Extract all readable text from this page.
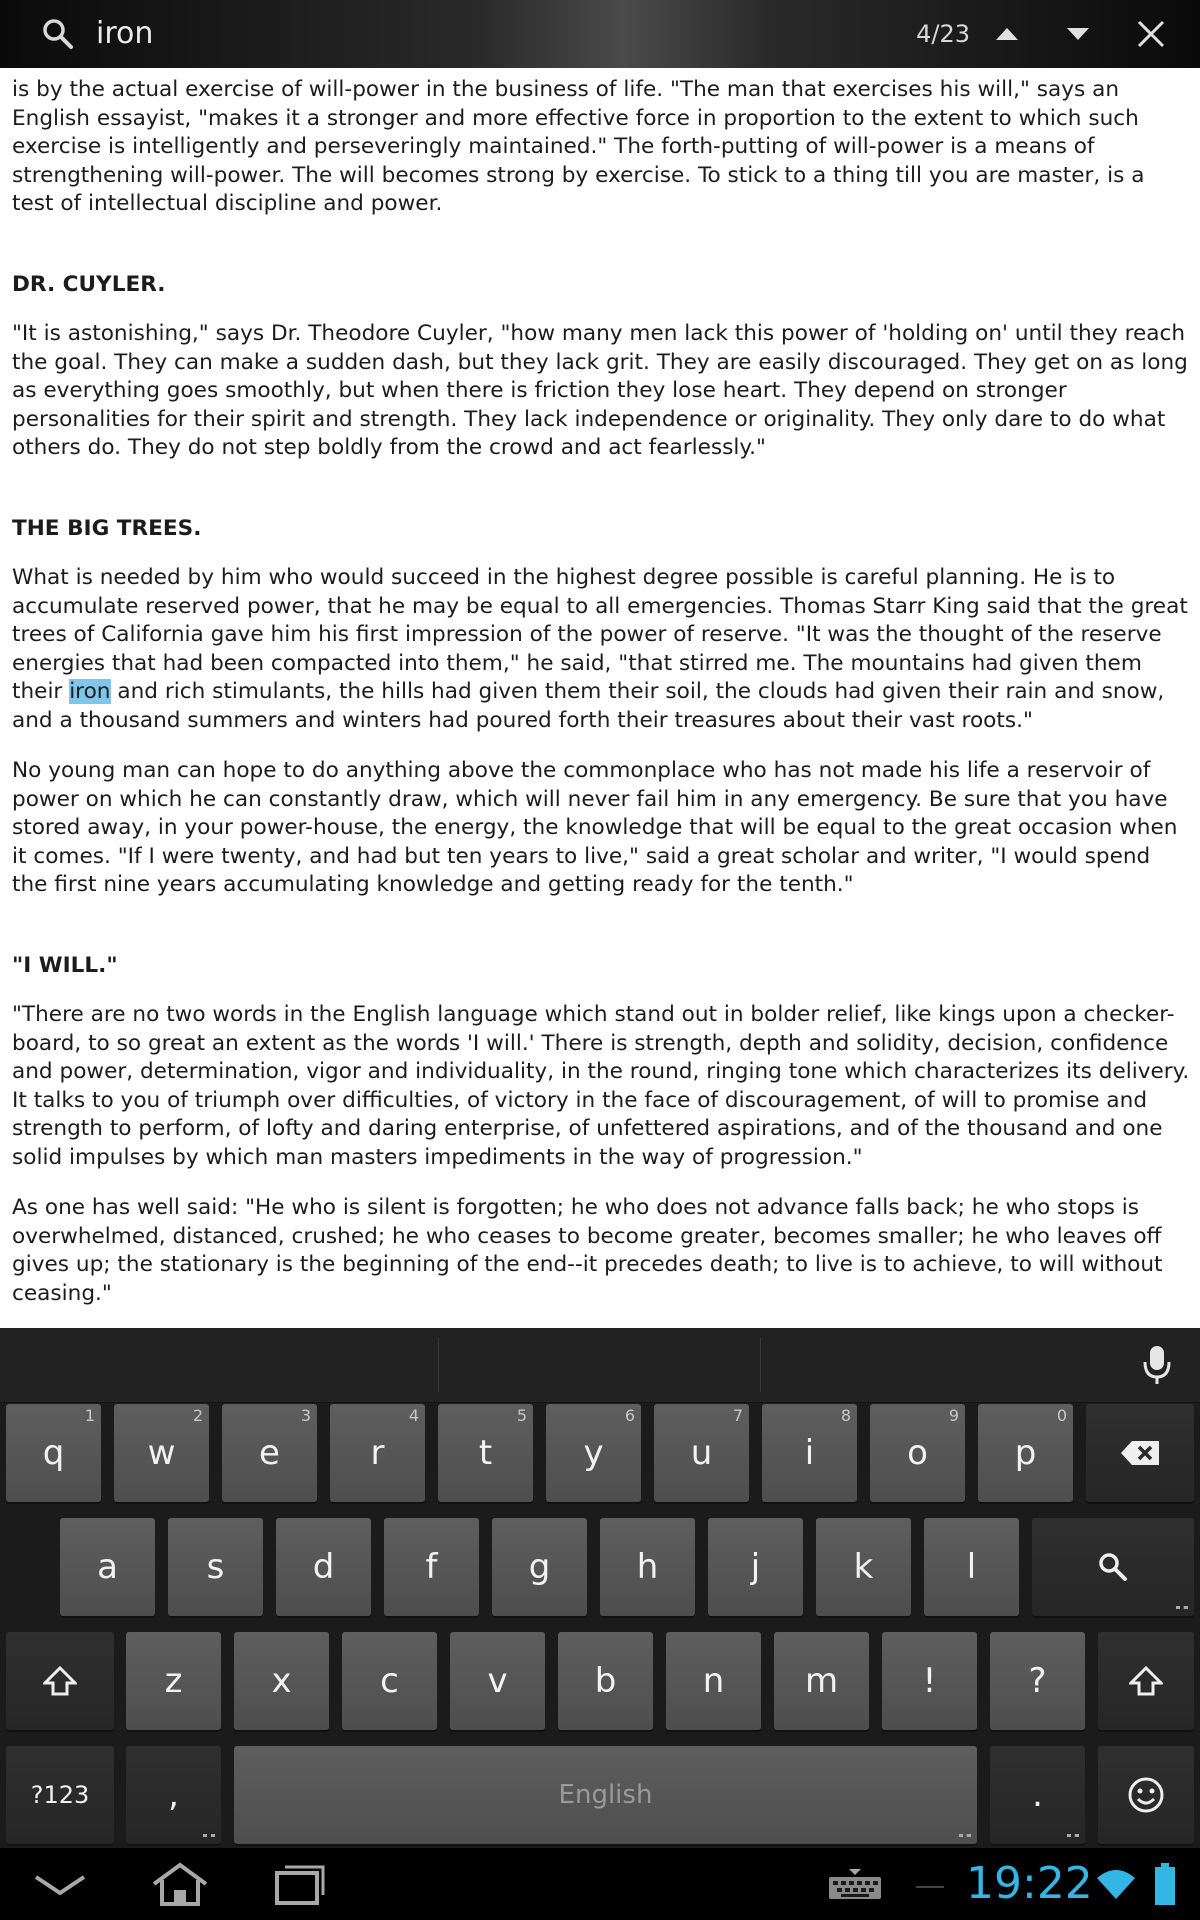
iron	4/23

is by the actual exercise of will-power in the business of life. "The man that exercises his will," says an English essayist, "makes it a stronger and more effective force in proportion to the extent to which such exercise is intelligently and perseveringly maintained." The forth-putting of will-power is a means of strengthening will-power. The will becomes strong by exercise. To stick to a thing till you are master, is a test of intellectual discipline and power.

DR. CUYLER.

"It is astonishing," says Dr. Theodore Cuyler, "how many men lack this power of 'holding on' until they reach the goal. They can make a sudden dash, but they lack grit. They are easily discouraged. They get on as long as everything goes smoothly, but when there is friction they lose heart. They depend on stronger personalities for their spirit and strength. They lack independence or originality. They only dare to do what others do. They do not step boldly from the crowd and act fearlessly."

THE BIG TREES.

What is needed by him who would succeed in the highest degree possible is careful planning. He is to accumulate reserved power, that he may be equal to all emergencies. Thomas Starr King said that the great trees of California gave him his first impression of the power of reserve. "It was the thought of the reserve energies that had been compacted into them," he said, "that stirred me. The mountains had given them their iron and rich stimulants, the hills had given them their soil, the clouds had given their rain and snow, and a thousand summers and winters had poured forth their treasures about their vast roots."

No young man can hope to do anything above the commonplace who has not made his life a reservoir of power on which he can constantly draw, which will never fail him in any emergency. Be sure that you have stored away, in your power-house, the energy, the knowledge that will be equal to the great occasion when it comes. "If I were twenty, and had but ten years to live," said a great scholar and writer, "I would spend the first nine years accumulating knowledge and getting ready for the tenth."

"I WILL."

"There are no two words in the English language which stand out in bolder relief, like kings upon a checker-board, to so great an extent as the words 'I will.' There is strength, depth and solidity, decision, confidence and power, determination, vigor and individuality, in the round, ringing tone which characterizes its delivery. It talks to you of triumph over difficulties, of victory in the face of discouragement, of will to promise and strength to perform, of lofty and daring enterprise, of unfettered aspirations, and of the thousand and one solid impulses by which man masters impediments in the way of progression."

As one has well said: "He who is silent is forgotten; he who does not advance falls back; he who stops is overwhelmed, distanced, crushed; he who ceases to become greater, becomes smaller; he who leaves off gives up; the stationary is the beginning of the end--it precedes death; to live is to achieve, to will without ceasing."

q
1
w
2
e
3
r
4
t
5
y
6
u
7
i
8
o
9
p
0
a	s	d	f	g	h	j	k	l
z	x	c	v	b	n m !	?
?123 ,	English	.
19:22
